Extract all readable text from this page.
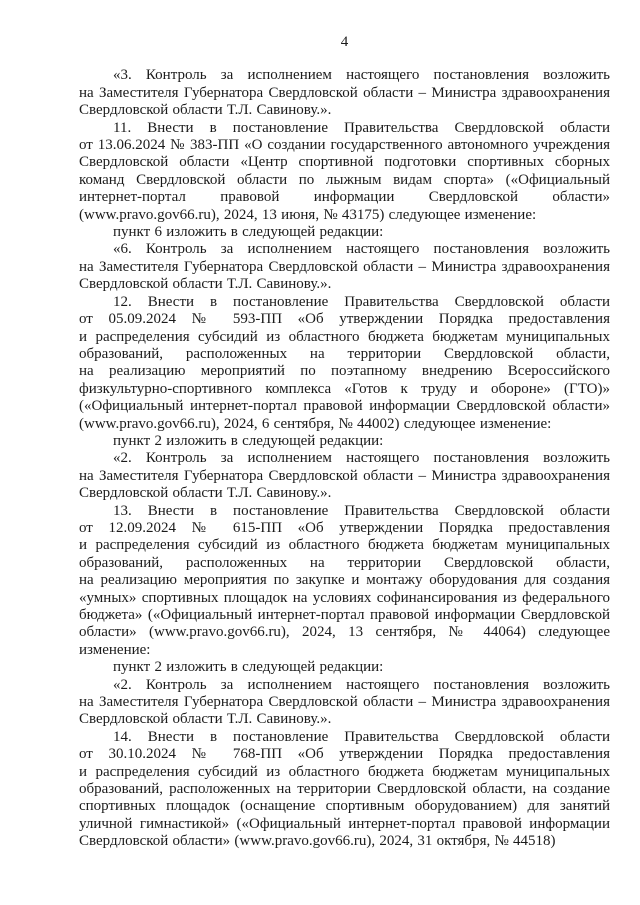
4

«3. Контроль за исполнением настоящего постановления возложить на Заместителя Губернатора Свердловской области – Министра здравоохранения Свердловской области Т.Л. Савинову.».

11. Внести в постановление Правительства Свердловской области от 13.06.2024 № 383-ПП «О создании государственного автономного учреждения Свердловской области «Центр спортивной подготовки спортивных сборных команд Свердловской области по лыжным видам спорта» («Официальный интернет-портал правовой информации Свердловской области» (www.pravo.gov66.ru), 2024, 13 июня, № 43175) следующее изменение:

пункт 6 изложить в следующей редакции:

«6. Контроль за исполнением настоящего постановления возложить на Заместителя Губернатора Свердловской области – Министра здравоохранения Свердловской области Т.Л. Савинову.».

12. Внести в постановление Правительства Свердловской области от 05.09.2024 № 593-ПП «Об утверждении Порядка предоставления и распределения субсидий из областного бюджета бюджетам муниципальных образований, расположенных на территории Свердловской области, на реализацию мероприятий по поэтапному внедрению Всероссийского физкультурно-спортивного комплекса «Готов к труду и обороне» (ГТО)» («Официальный интернет-портал правовой информации Свердловской области» (www.pravo.gov66.ru), 2024, 6 сентября, № 44002) следующее изменение:

пункт 2 изложить в следующей редакции:

«2. Контроль за исполнением настоящего постановления возложить на Заместителя Губернатора Свердловской области – Министра здравоохранения Свердловской области Т.Л. Савинову.».

13. Внести в постановление Правительства Свердловской области от 12.09.2024 № 615-ПП «Об утверждении Порядка предоставления и распределения субсидий из областного бюджета бюджетам муниципальных образований, расположенных на территории Свердловской области, на реализацию мероприятия по закупке и монтажу оборудования для создания «умных» спортивных площадок на условиях софинансирования из федерального бюджета» («Официальный интернет-портал правовой информации Свердловской области» (www.pravo.gov66.ru), 2024, 13 сентября, № 44064) следующее изменение:

пункт 2 изложить в следующей редакции:

«2. Контроль за исполнением настоящего постановления возложить на Заместителя Губернатора Свердловской области – Министра здравоохранения Свердловской области Т.Л. Савинову.».

14. Внести в постановление Правительства Свердловской области от 30.10.2024 № 768-ПП «Об утверждении Порядка предоставления и распределения субсидий из областного бюджета бюджетам муниципальных образований, расположенных на территории Свердловской области, на создание спортивных площадок (оснащение спортивным оборудованием) для занятий уличной гимнастикой» («Официальный интернет-портал правовой информации Свердловской области» (www.pravo.gov66.ru), 2024, 31 октября, № 44518)
